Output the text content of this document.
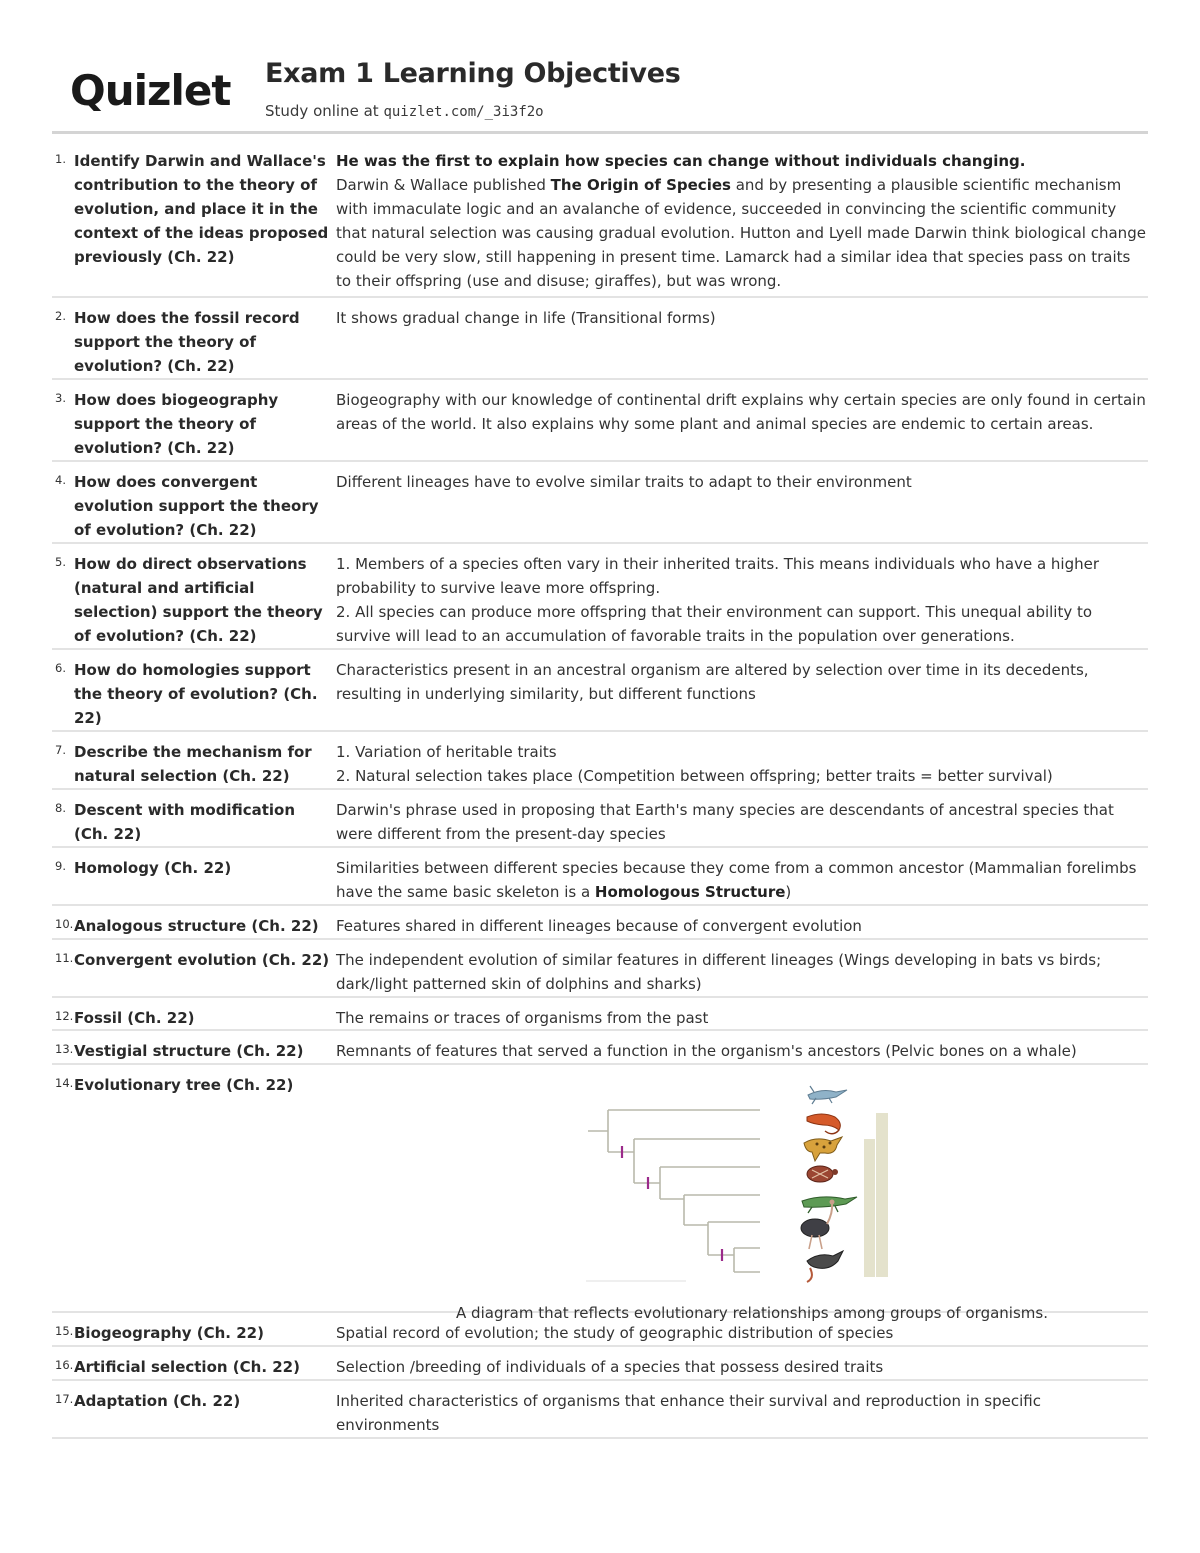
Quizlet Exam 1 Learning Objectives
Study online at quizlet.com/_3i3f2o
1. Identify Darwin and Wallace's contribution to the theory of evolution, and place it in the context of the ideas proposed previously (Ch. 22)
He was the first to explain how species can change without individuals changing.
Darwin & Wallace published The Origin of Species and by presenting a plausible scientific mechanism with immaculate logic and an avalanche of evidence, succeeded in convincing the scientific community that natural selection was causing gradual evolution. Hutton and Lyell made Darwin think biological change could be very slow, still happening in present time. Lamarck had a similar idea that species pass on traits to their offspring (use and disuse; giraffes), but was wrong.
2. How does the fossil record support the theory of evolution? (Ch. 22)
It shows gradual change in life (Transitional forms)
3. How does biogeography support the theory of evolution? (Ch. 22)
Biogeography with our knowledge of continental drift explains why certain species are only found in certain areas of the world. It also explains why some plant and animal species are endemic to certain areas.
4. How does convergent evolution support the theory of evolution? (Ch. 22)
Different lineages have to evolve similar traits to adapt to their environment
5. How do direct observations (natural and artificial selection) support the theory of evolution? (Ch. 22)
1. Members of a species often vary in their inherited traits. This means individuals who have a higher probability to survive leave more offspring.
2. All species can produce more offspring that their environment can support. This unequal ability to survive will lead to an accumulation of favorable traits in the population over generations.
6. How do homologies support the theory of evolution? (Ch. 22)
Characteristics present in an ancestral organism are altered by selection over time in its decedents, resulting in underlying similarity, but different functions
7. Describe the mechanism for natural selection (Ch. 22)
1. Variation of heritable traits
2. Natural selection takes place (Competition between offspring; better traits = better survival)
8. Descent with modification (Ch. 22)
Darwin's phrase used in proposing that Earth's many species are descendants of ancestral species that were different from the present-day species
9. Homology (Ch. 22)	Similarities between different species because they come from a common ancestor (Mammalian forelimbs have the same basic skeleton is a Homologous Structure)
10. Analogous structure (Ch. 22)	Features shared in different lineages because of convergent evolution
11. Convergent evolution (Ch. 22) The independent evolution of similar features in different lineages (Wings developing in bats vs birds; dark/light patterned skin of dolphins and sharks)
12. Fossil (Ch. 22)	The remains or traces of organisms from the past
13. Vestigial structure (Ch. 22)	Remnants of features that served a function in the organism's ancestors (Pelvic bones on a whale)
14. Evolutionary tree (Ch. 22)
A diagram that reflects evolutionary relationships among groups of organisms.
15. Biogeography (Ch. 22)	Spatial record of evolution; the study of geographic distribution of species
16. Artificial selection (Ch. 22)	Selection /breeding of individuals of a species that possess desired traits
17. Adaptation (Ch. 22)	Inherited characteristics of organisms that enhance their survival and reproduction in specific environments
